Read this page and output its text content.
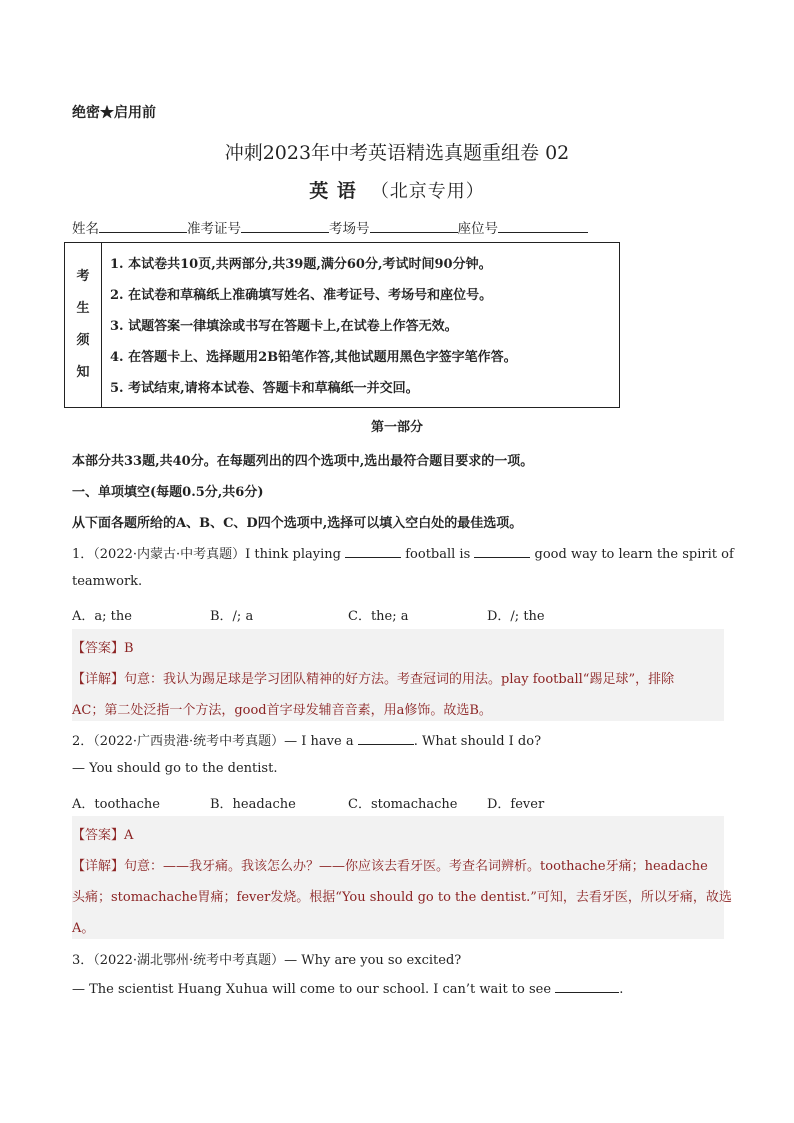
绝密★启用前
冲刺2023年中考英语精选真题重组卷 02
英 语 （北京专用）
姓名	准考证号	考场号	座位号
考
生
须
知
1. 本试卷共10页,共两部分,共39题,满分60分,考试时间90分钟。
2. 在试卷和草稿纸上准确填写姓名、准考证号、考场号和座位号。
3. 试题答案一律填涂或书写在答题卡上,在试卷上作答无效。
4. 在答题卡上、选择题用2B铅笔作答,其他试题用黑色字签字笔作答。
5. 考试结束,请将本试卷、答题卡和草稿纸一并交回。
第一部分
本部分共33题,共40分。在每题列出的四个选项中,选出最符合题目要求的一项。
一、单项填空(每题0.5分,共6分)
从下面各题所给的A、B、C、D四个选项中,选择可以填入空白处的最佳选项。
1．（2022·内蒙古·中考真题）I think playing	football is	good way to learn the spirit of
teamwork.
A．a; the	B．/; a	C．the; a	D．/; the
【答案】B
【详解】句意：我认为踢足球是学习团队精神的好方法。考查冠词的用法。play football“踢足球”，排除
AC；第二处泛指一个方法，good首字母发辅音音素，用a修饰。故选B。
2．（2022·广西贵港·统考中考真题）— I have a	. What should I do?
— You should go to the dentist.
A．toothache	B．headache	C．stomachache D．fever
【答案】A
【详解】句意：——我牙痛。我该怎么办？——你应该去看牙医。考查名词辨析。toothache牙痛；headache
头痛；stomachache胃痛；fever发烧。根据“You should go to the dentist.”可知，去看牙医，所以牙痛，故选
A。
3．（2022·湖北鄂州·统考中考真题）— Why are you so excited?
— The scientist Huang Xuhua will come to our school. I can’t wait to see	.
